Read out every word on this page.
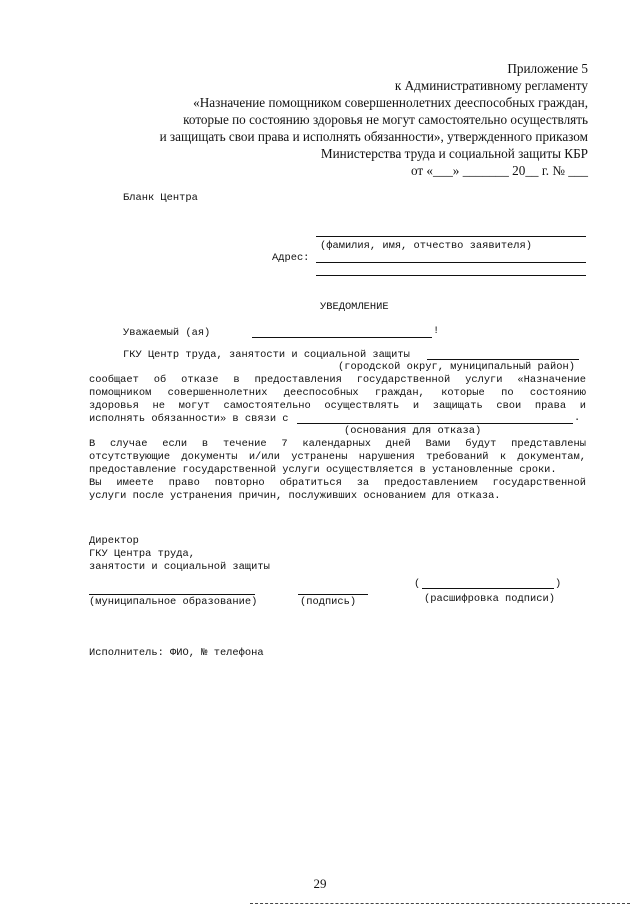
Приложение 5
к Административному регламенту
«Назначение помощником совершеннолетних дееспособных граждан,
которые по состоянию здоровья не могут самостоятельно осуществлять
и защищать свои права и исполнять обязанности», утвержденного приказом
Министерства труда и социальной защиты КБР
от «___» _______ 20__ г. № ___
Бланк Центра
(фамилия, имя, отчество заявителя)
Адрес:
УВЕДОМЛЕНИЕ
Уважаемый (ая)	!
ГКУ Центр труда, занятости и социальной защиты
(городской округ, муниципальный район)
сообщает об отказе в предоставления государственной услуги «Назначение
помощником совершеннолетних дееспособных граждан, которые по состоянию
здоровья не могут самостоятельно осуществлять и защищать свои права и
исполнять обязанности» в связи с	.
(основания для отказа)
В случае если в течение 7 календарных дней Вами будут представлены
отсутствующие документы и/или устранены нарушения требований к документам,
предоставление государственной услуги осуществляется в установленные сроки.
Вы имеете право повторно обратиться за предоставлением государственной
услуги после устранения причин, послуживших основанием для отказа.
Директор
ГКУ Центра труда,
занятости и социальной защиты
(муниципальное образование)	(подпись)
(	)
(расшифровка подписи)
Исполнитель: ФИО, № телефона
29
